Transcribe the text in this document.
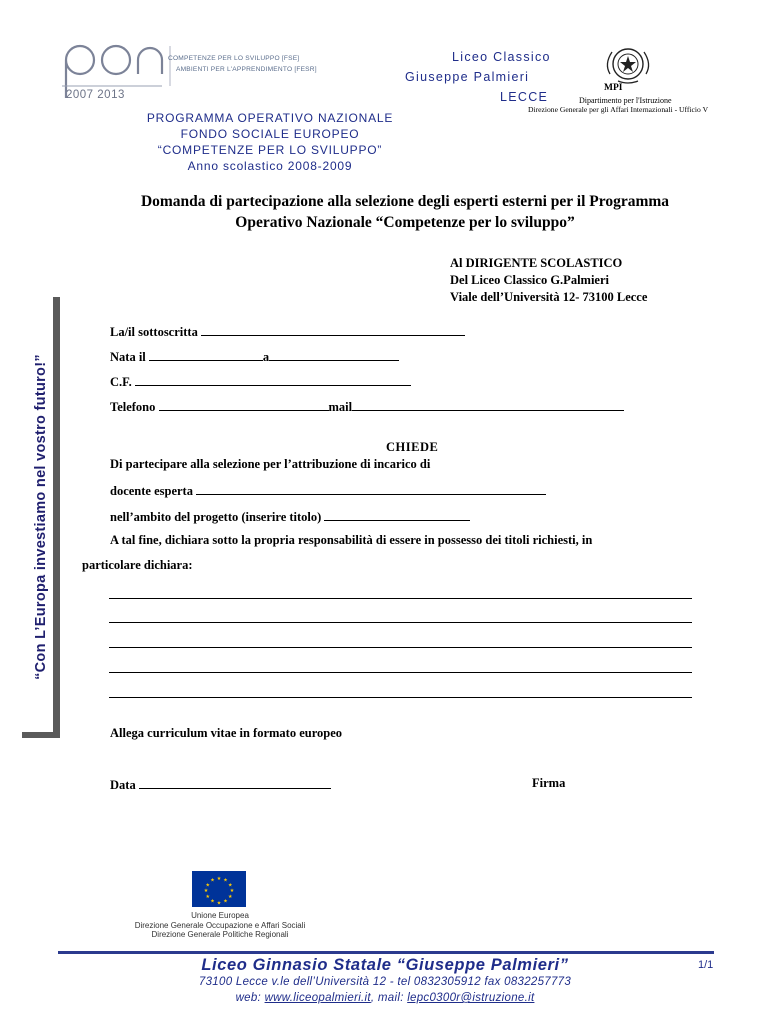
COMPETENZE PER LO SVILUPPO [FSE]
AMBIENTI PER L'APPRENDIMENTO [FESR]
2007 2013
Liceo Classico
Giuseppe Palmieri
LECCE
MPI
Dipartimento per l'Istruzione
Direzione Generale per gli Affari Internazionali - Ufficio V
PROGRAMMA OPERATIVO NAZIONALE
FONDO SOCIALE EUROPEO
“COMPETENZE PER LO SVILUPPO”
Anno scolastico 2008-2009
Domanda di partecipazione alla selezione degli esperti esterni per il Programma
Operativo Nazionale “Competenze per lo sviluppo”
Al DIRIGENTE SCOLASTICO
Del Liceo Classico G.Palmieri
Viale dell’Università 12- 73100 Lecce
“Con L’Europa investiamo nel vostro futuro!”
La/il sottoscritta
Nata il	a
C.F.
Telefono	mail
CHIEDE
Di partecipare alla selezione per l’attribuzione di incarico di
docente esperta
nell’ambito del progetto (inserire titolo)
A tal fine, dichiara sotto la propria responsabilità di essere in possesso dei titoli richiesti, in
particolare dichiara:
Allega curriculum vitae in formato europeo
Data	Firma
★ ★
★
★
★
★
★
★
★
★
★
★
Unione Europea
Direzione Generale Occupazione e Affari Sociali
Direzione Generale Politiche Regionali
Liceo Ginnasio Statale “Giuseppe Palmieri”	1/1
73100 Lecce v.le dell’Università 12 - tel 0832305912 fax 0832257773
web: www.liceopalmieri.it, mail: lepc0300r@istruzione.it
